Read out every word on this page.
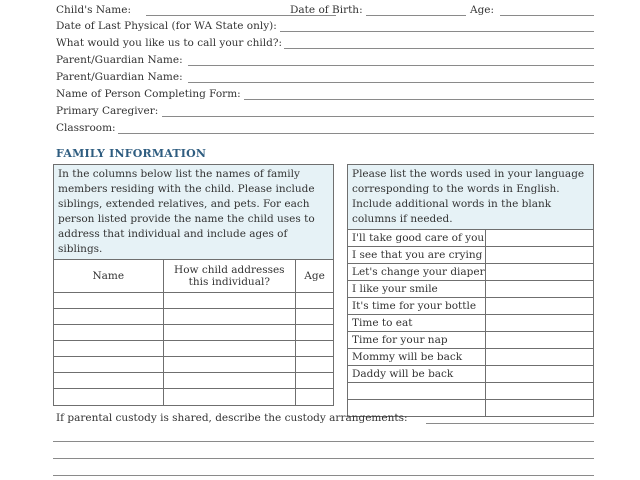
Child's Name:	Date of Birth:	Age:
Date of Last Physical (for WA State only):
What would you like us to call your child?:
Parent/Guardian Name:
Parent/Guardian Name:
Name of Person Completing Form:
Primary Caregiver:
Classroom:
FAMILY INFORMATION
In the columns below list the names of family members residing with the child. Please include siblings, extended relatives, and pets. For each person listed provide the name the child uses to address that individual and include ages of siblings.		
Name	How child addresses this individual?	Age

Please list the words used in your language corresponding to the words in English. Include additional words in the blank columns if needed.	
I'll take good care of you	
I see that you are crying	
Let's change your diaper	
I like your smile	
It's time for your bottle	
Time to eat	
Time for your nap	
Mommy will be back	
Daddy will be back	

If parental custody is shared, describe the custody arrangements:
